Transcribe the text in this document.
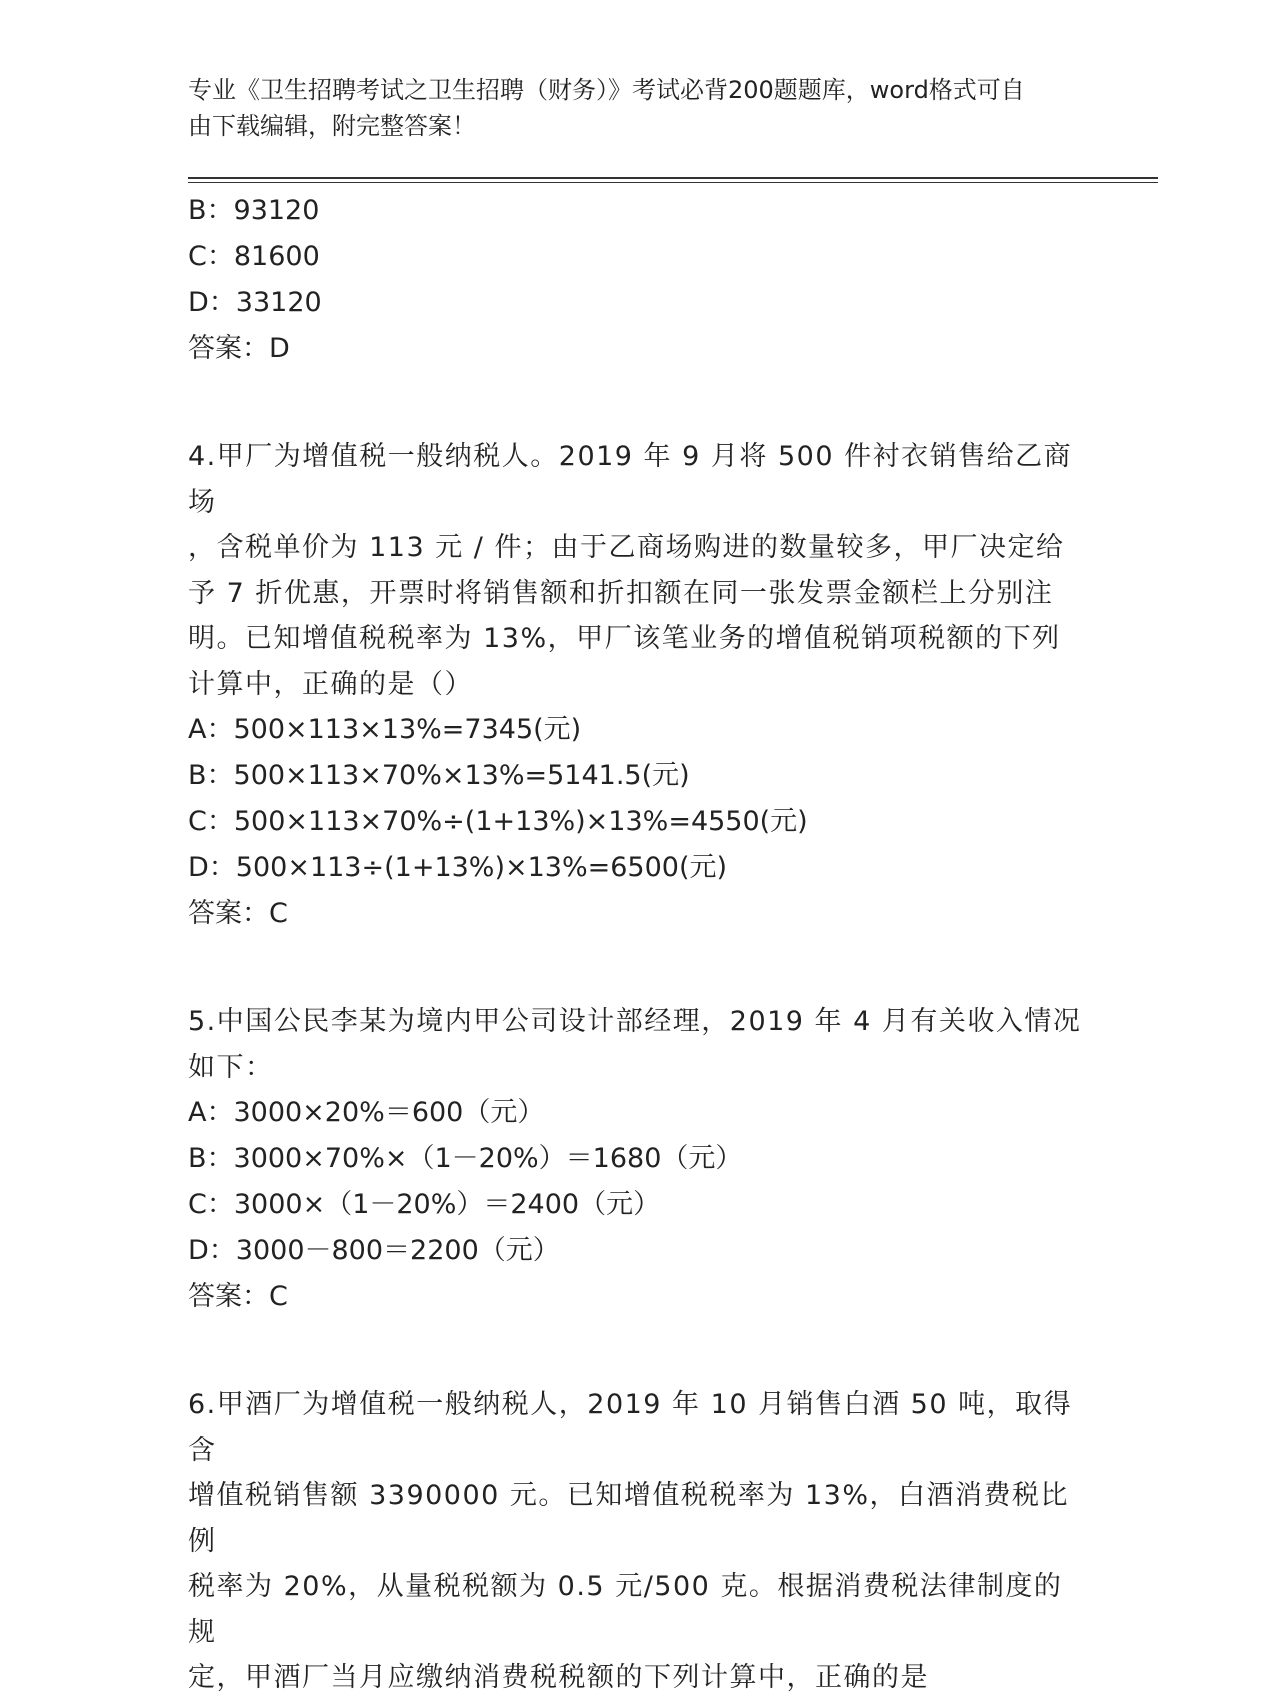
专业《卫生招聘考试之卫生招聘（财务）》考试必背200题题库，word格式可自
由下载编辑，附完整答案！
B：93120
C：81600
D：33120
答案：D
4.甲厂为增值税一般纳税人。2019 年 9 月将 500 件衬衣销售给乙商场
，含税单价为 113 元 / 件；由于乙商场购进的数量较多，甲厂决定给
予 7 折优惠，开票时将销售额和折扣额在同一张发票金额栏上分别注
明。已知增值税税率为 13%，甲厂该笔业务的增值税销项税额的下列
计算中，正确的是（）
A：500×113×13%=7345(元)
B：500×113×70%×13%=5141.5(元)
C：500×113×70%÷(1+13%)×13%=4550(元)
D：500×113÷(1+13%)×13%=6500(元)
答案：C
5.中国公民李某为境内甲公司设计部经理，2019 年 4 月有关收入情况
如下：
A：3000×20%＝600（元）
B：3000×70%×（1－20%）＝1680（元）
C：3000×（1－20%）＝2400（元）
D：3000－800＝2200（元）
答案：C
6.甲酒厂为增值税一般纳税人，2019 年 10 月销售白酒 50 吨，取得含
增值税销售额 3390000 元。已知增值税税率为 13%，白酒消费税比例
税率为 20%，从量税税额为 0.5 元/500 克。根据消费税法律制度的规
定，甲酒厂当月应缴纳消费税税额的下列计算中，正确的是
